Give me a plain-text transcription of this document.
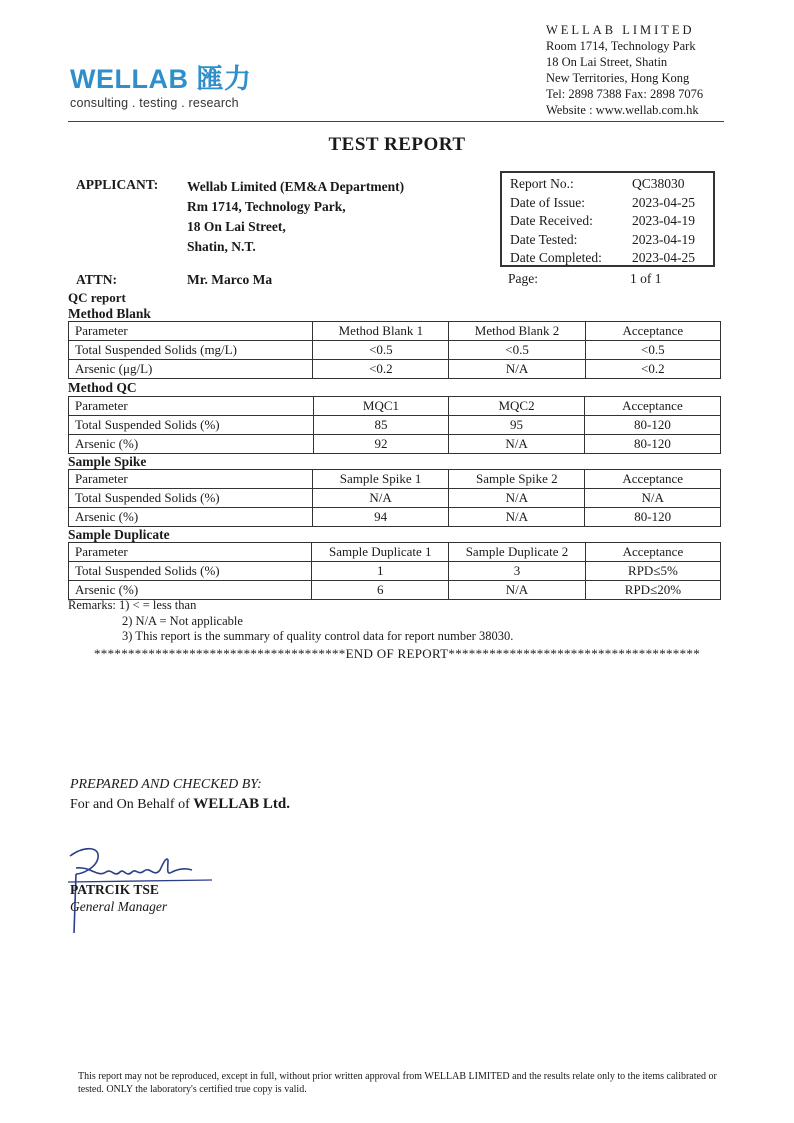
WELLAB 匯力
consulting . testing . research
WELLAB LIMITED
Room 1714, Technology Park
18 On Lai Street, Shatin
New Territories, Hong Kong
Tel: 2898 7388 Fax: 2898 7076
Website : www.wellab.com.hk
TEST REPORT
APPLICANT: Wellab Limited (EM&A Department)
Rm 1714, Technology Park,
18 On Lai Street,
Shatin, N.T.
ATTN:	Mr. Marco Ma
Report No.:	QC38030
Date of Issue:	2023-04-25
Date Received:	2023-04-19
Date Tested:	2023-04-19
Date Completed: 2023-04-25
Page:	1 of 1
QC report
Method Blank
Parameter	Method Blank 1	Method Blank 2	Acceptance
Total Suspended Solids (mg/L)	<0.5	<0.5	<0.5
Arsenic (μg/L)	<0.2	N/A	<0.2
Method QC
Parameter	MQC1	MQC2	Acceptance
Total Suspended Solids (%)	85	95	80-120
Arsenic (%)	92	N/A	80-120
Sample Spike
Parameter	Sample Spike 1	Sample Spike 2	Acceptance
Total Suspended Solids (%)	N/A	N/A	N/A
Arsenic (%)	94	N/A	80-120
Sample Duplicate
Parameter	Sample Duplicate 1	Sample Duplicate 2	Acceptance
Total Suspended Solids (%)	1	3	RPD≤5%
Arsenic (%)	6	N/A	RPD≤20%
Remarks: 1) < = less than
2) N/A = Not applicable
3) This report is the summary of quality control data for report number 38030.
*************************************END OF REPORT*************************************
PREPARED AND CHECKED BY:
For and On Behalf of WELLAB Ltd.
PATRCIK TSE
General Manager
This report may not be reproduced, except in full, without prior written approval from WELLAB LIMITED and the results relate only to the items calibrated or tested. ONLY the laboratory's certified true copy is valid.
